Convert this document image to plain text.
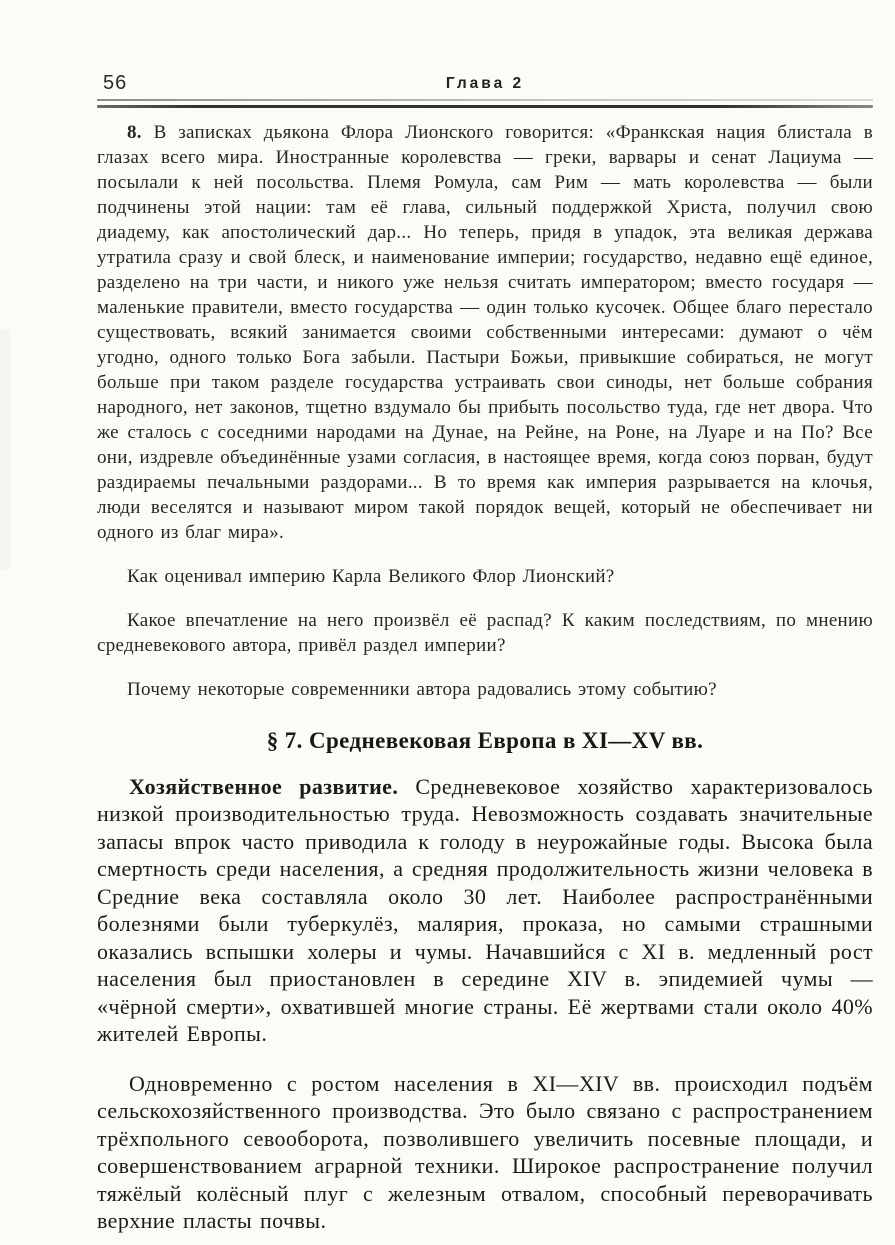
56	Глава 2

8. В записках дьякона Флора Лионского говорится: «Франкская нация блистала в глазах всего мира. Иностранные королевства — греки, варвары и сенат Лациума — посылали к ней посольства. Племя Ромула, сам Рим — мать королевства — были подчинены этой нации: там её глава, сильный поддержкой Христа, получил свою диадему, как апостолический дар... Но теперь, придя в упадок, эта великая держава утратила сразу и свой блеск, и наименование империи; государство, недавно ещё единое, разделено на три части, и никого уже нельзя считать императором; вместо государя — маленькие правители, вместо государства — один только кусочек. Общее благо перестало существовать, всякий занимается своими собственными интересами: думают о чём угодно, одного только Бога забыли. Пастыри Божьи, привыкшие собираться, не могут больше при таком разделе государства устраивать свои синоды, нет больше собрания народного, нет законов, тщетно вздумало бы прибыть посольство туда, где нет двора. Что же сталось с соседними народами на Дунае, на Рейне, на Роне, на Луаре и на По? Все они, издревле объединённые узами согласия, в настоящее время, когда союз порван, будут раздираемы печальными раздорами... В то время как империя разрывается на клочья, люди веселятся и называют миром такой порядок вещей, который не обеспечивает ни одного из благ мира».

Как оценивал империю Карла Великого Флор Лионский?

Какое впечатление на него произвёл её распад? К каким последствиям, по мнению средневекового автора, привёл раздел империи?

Почему некоторые современники автора радовались этому событию?

§ 7. Средневековая Европа в XI—XV вв.

Хозяйственное развитие. Средневековое хозяйство характеризовалось низкой производительностью труда. Невозможность создавать значительные запасы впрок часто приводила к голоду в неурожайные годы. Высока была смертность среди населения, а средняя продолжительность жизни человека в Средние века составляла около 30 лет. Наиболее распространёнными болезнями были туберкулёз, малярия, проказа, но самыми страшными оказались вспышки холеры и чумы. Начавшийся с XI в. медленный рост населения был приостановлен в середине XIV в. эпидемией чумы — «чёрной смерти», охватившей многие страны. Её жертвами стали около 40% жителей Европы.

Одновременно с ростом населения в XI—XIV вв. происходил подъём сельскохозяйственного производства. Это было связано с распространением трёхпольного севооборота, позволившего увеличить посевные площади, и совершенствованием аграрной техники. Широкое распространение получил тяжёлый колёсный плуг с железным отвалом, способный переворачивать верхние пласты почвы.
